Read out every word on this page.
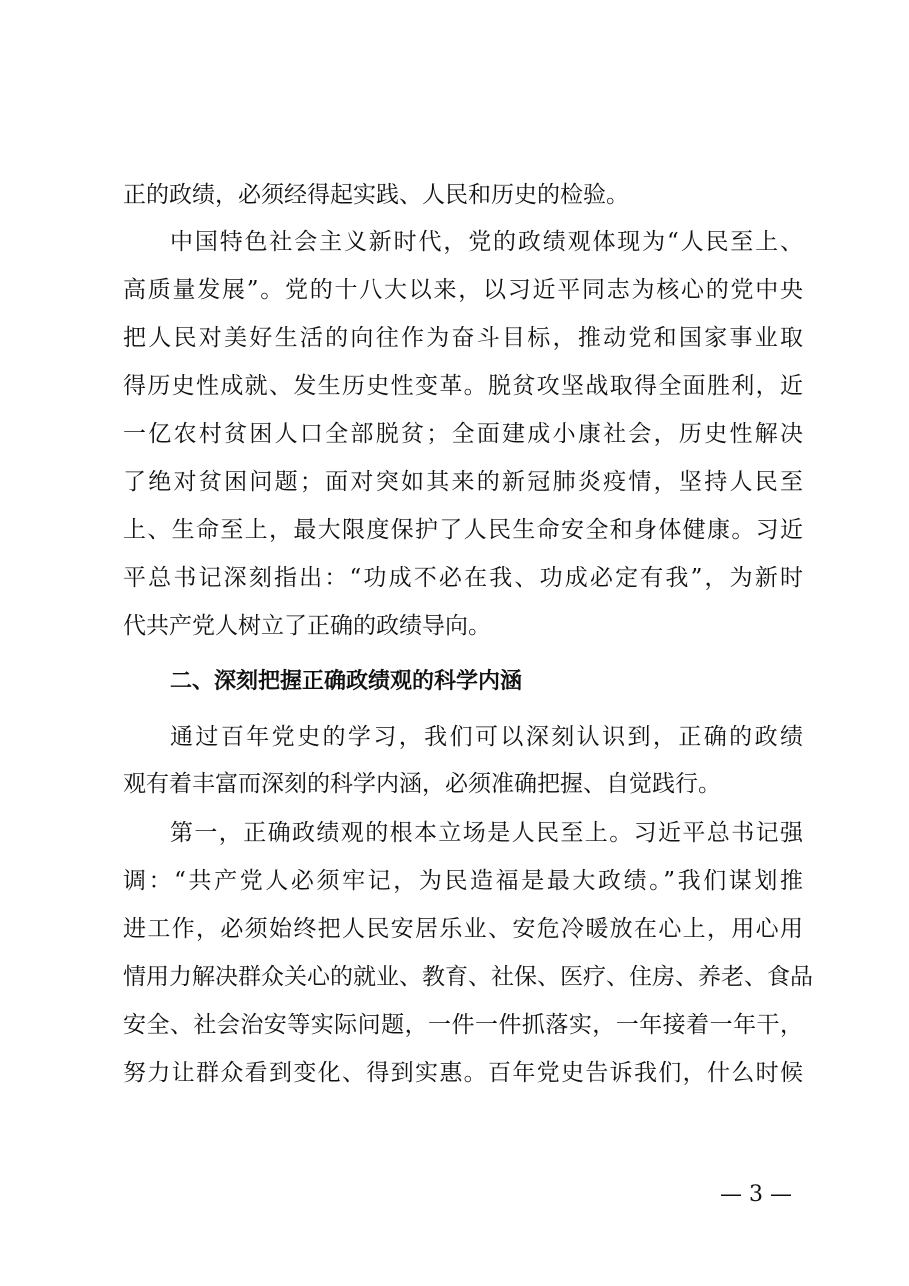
正的政绩，必须经得起实践、人民和历史的检验。

中国特色社会主义新时代，党的政绩观体现为“人民至上、

高质量发展”。党的十八大以来，以习近平同志为核心的党中央

把人民对美好生活的向往作为奋斗目标，推动党和国家事业取

得历史性成就、发生历史性变革。脱贫攻坚战取得全面胜利，近

一亿农村贫困人口全部脱贫；全面建成小康社会，历史性解决

了绝对贫困问题；面对突如其来的新冠肺炎疫情，坚持人民至

上、生命至上，最大限度保护了人民生命安全和身体健康。习近

平总书记深刻指出：“功成不必在我、功成必定有我”，为新时

代共产党人树立了正确的政绩导向。

二、深刻把握正确政绩观的科学内涵

通过百年党史的学习，我们可以深刻认识到，正确的政绩

观有着丰富而深刻的科学内涵，必须准确把握、自觉践行。

第一，正确政绩观的根本立场是人民至上。习近平总书记强

调：“共产党人必须牢记，为民造福是最大政绩。”我们谋划推

进工作，必须始终把人民安居乐业、安危冷暖放在心上，用心用

情用力解决群众关心的就业、教育、社保、医疗、住房、养老、食品

安全、社会治安等实际问题，一件一件抓落实，一年接着一年干，

努力让群众看到变化、得到实惠。百年党史告诉我们，什么时候

— 3 —
